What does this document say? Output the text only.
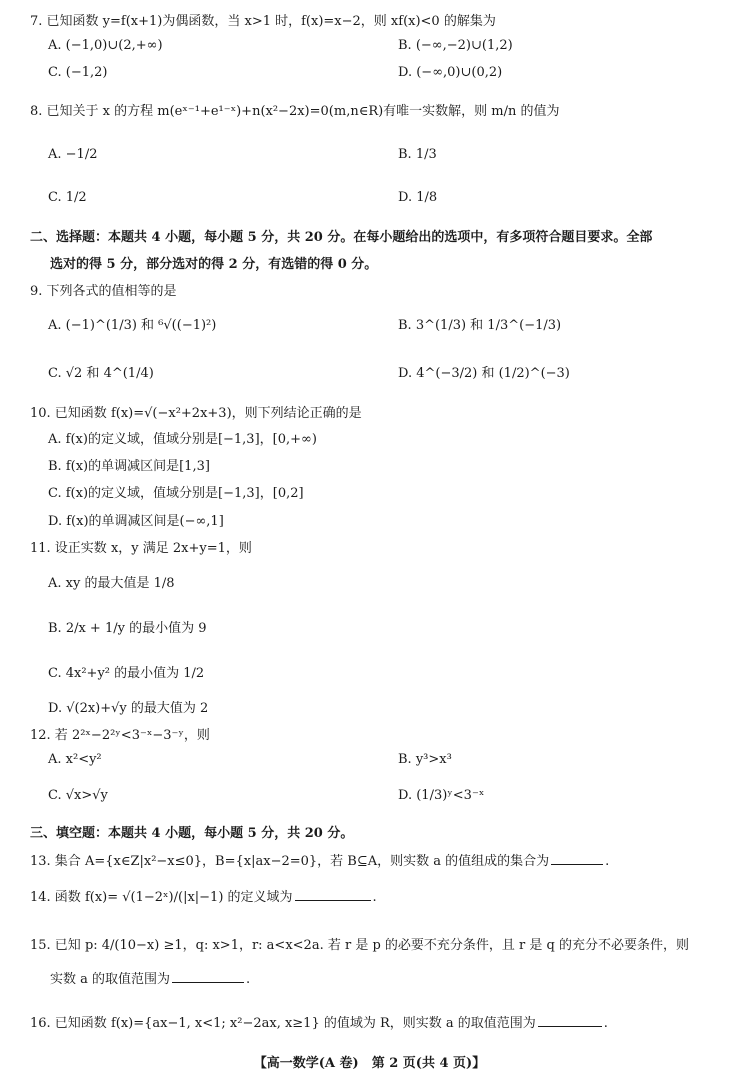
7. 已知函数 y=f(x+1)为偶函数，当 x>1 时，f(x)=x−2，则 xf(x)<0 的解集为
A. (−1,0)∪(2,+∞)	B. (−∞,−2)∪(1,2)
C. (−1,2)	D. (−∞,0)∪(0,2)
8. 已知关于 x 的方程 m(eˣ⁻¹+e¹⁻ˣ)+n(x²−2x)=0(m,n∈R)有唯一实数解，则 m/n 的值为
A. −1/2	B. 1/3
C. 1/2	D. 1/8
二、选择题：本题共 4 小题，每小题 5 分，共 20 分。在每小题给出的选项中，有多项符合题目要求。全部
选对的得 5 分，部分选对的得 2 分，有选错的得 0 分。
9. 下列各式的值相等的是
A. (−1)^(1/3) 和 ⁶√((−1)²)	B. 3^(1/3) 和 1/3^(−1/3)
C. √2 和 4^(1/4)	D. 4^(−3/2) 和 (1/2)^(−3)
10. 已知函数 f(x)=√(−x²+2x+3)，则下列结论正确的是
A. f(x)的定义域，值域分别是[−1,3]，[0,+∞)
B. f(x)的单调减区间是[1,3]
C. f(x)的定义域，值域分别是[−1,3]，[0,2]
D. f(x)的单调减区间是(−∞,1]
11. 设正实数 x，y 满足 2x+y=1，则
A. xy 的最大值是 1/8
B. 2/x + 1/y 的最小值为 9
C. 4x²+y² 的最小值为 1/2
D. √(2x)+√y 的最大值为 2
12. 若 2²ˣ−2²ʸ<3⁻ˣ−3⁻ʸ，则
A. x²<y²	B. y³>x³
C. √x>√y	D. (1/3)ʸ<3⁻ˣ
三、填空题：本题共 4 小题，每小题 5 分，共 20 分。
13. 集合 A={x∈Z|x²−x≤0}，B={x|ax−2=0}，若 B⊆A，则实数 a 的值组成的集合为	.
14. 函数 f(x)= √(1−2ˣ)/(|x|−1) 的定义域为	.
15. 已知 p: 4/(10−x) ≥1，q: x>1，r: a<x<2a. 若 r 是 p 的必要不充分条件，且 r 是 q 的充分不必要条件，则
实数 a 的取值范围为	.
16. 已知函数 f(x)={ax−1, x<1; x²−2ax, x≥1} 的值域为 R，则实数 a 的取值范围为	.
【高一数学(A 卷)　第 2 页(共 4 页)】
